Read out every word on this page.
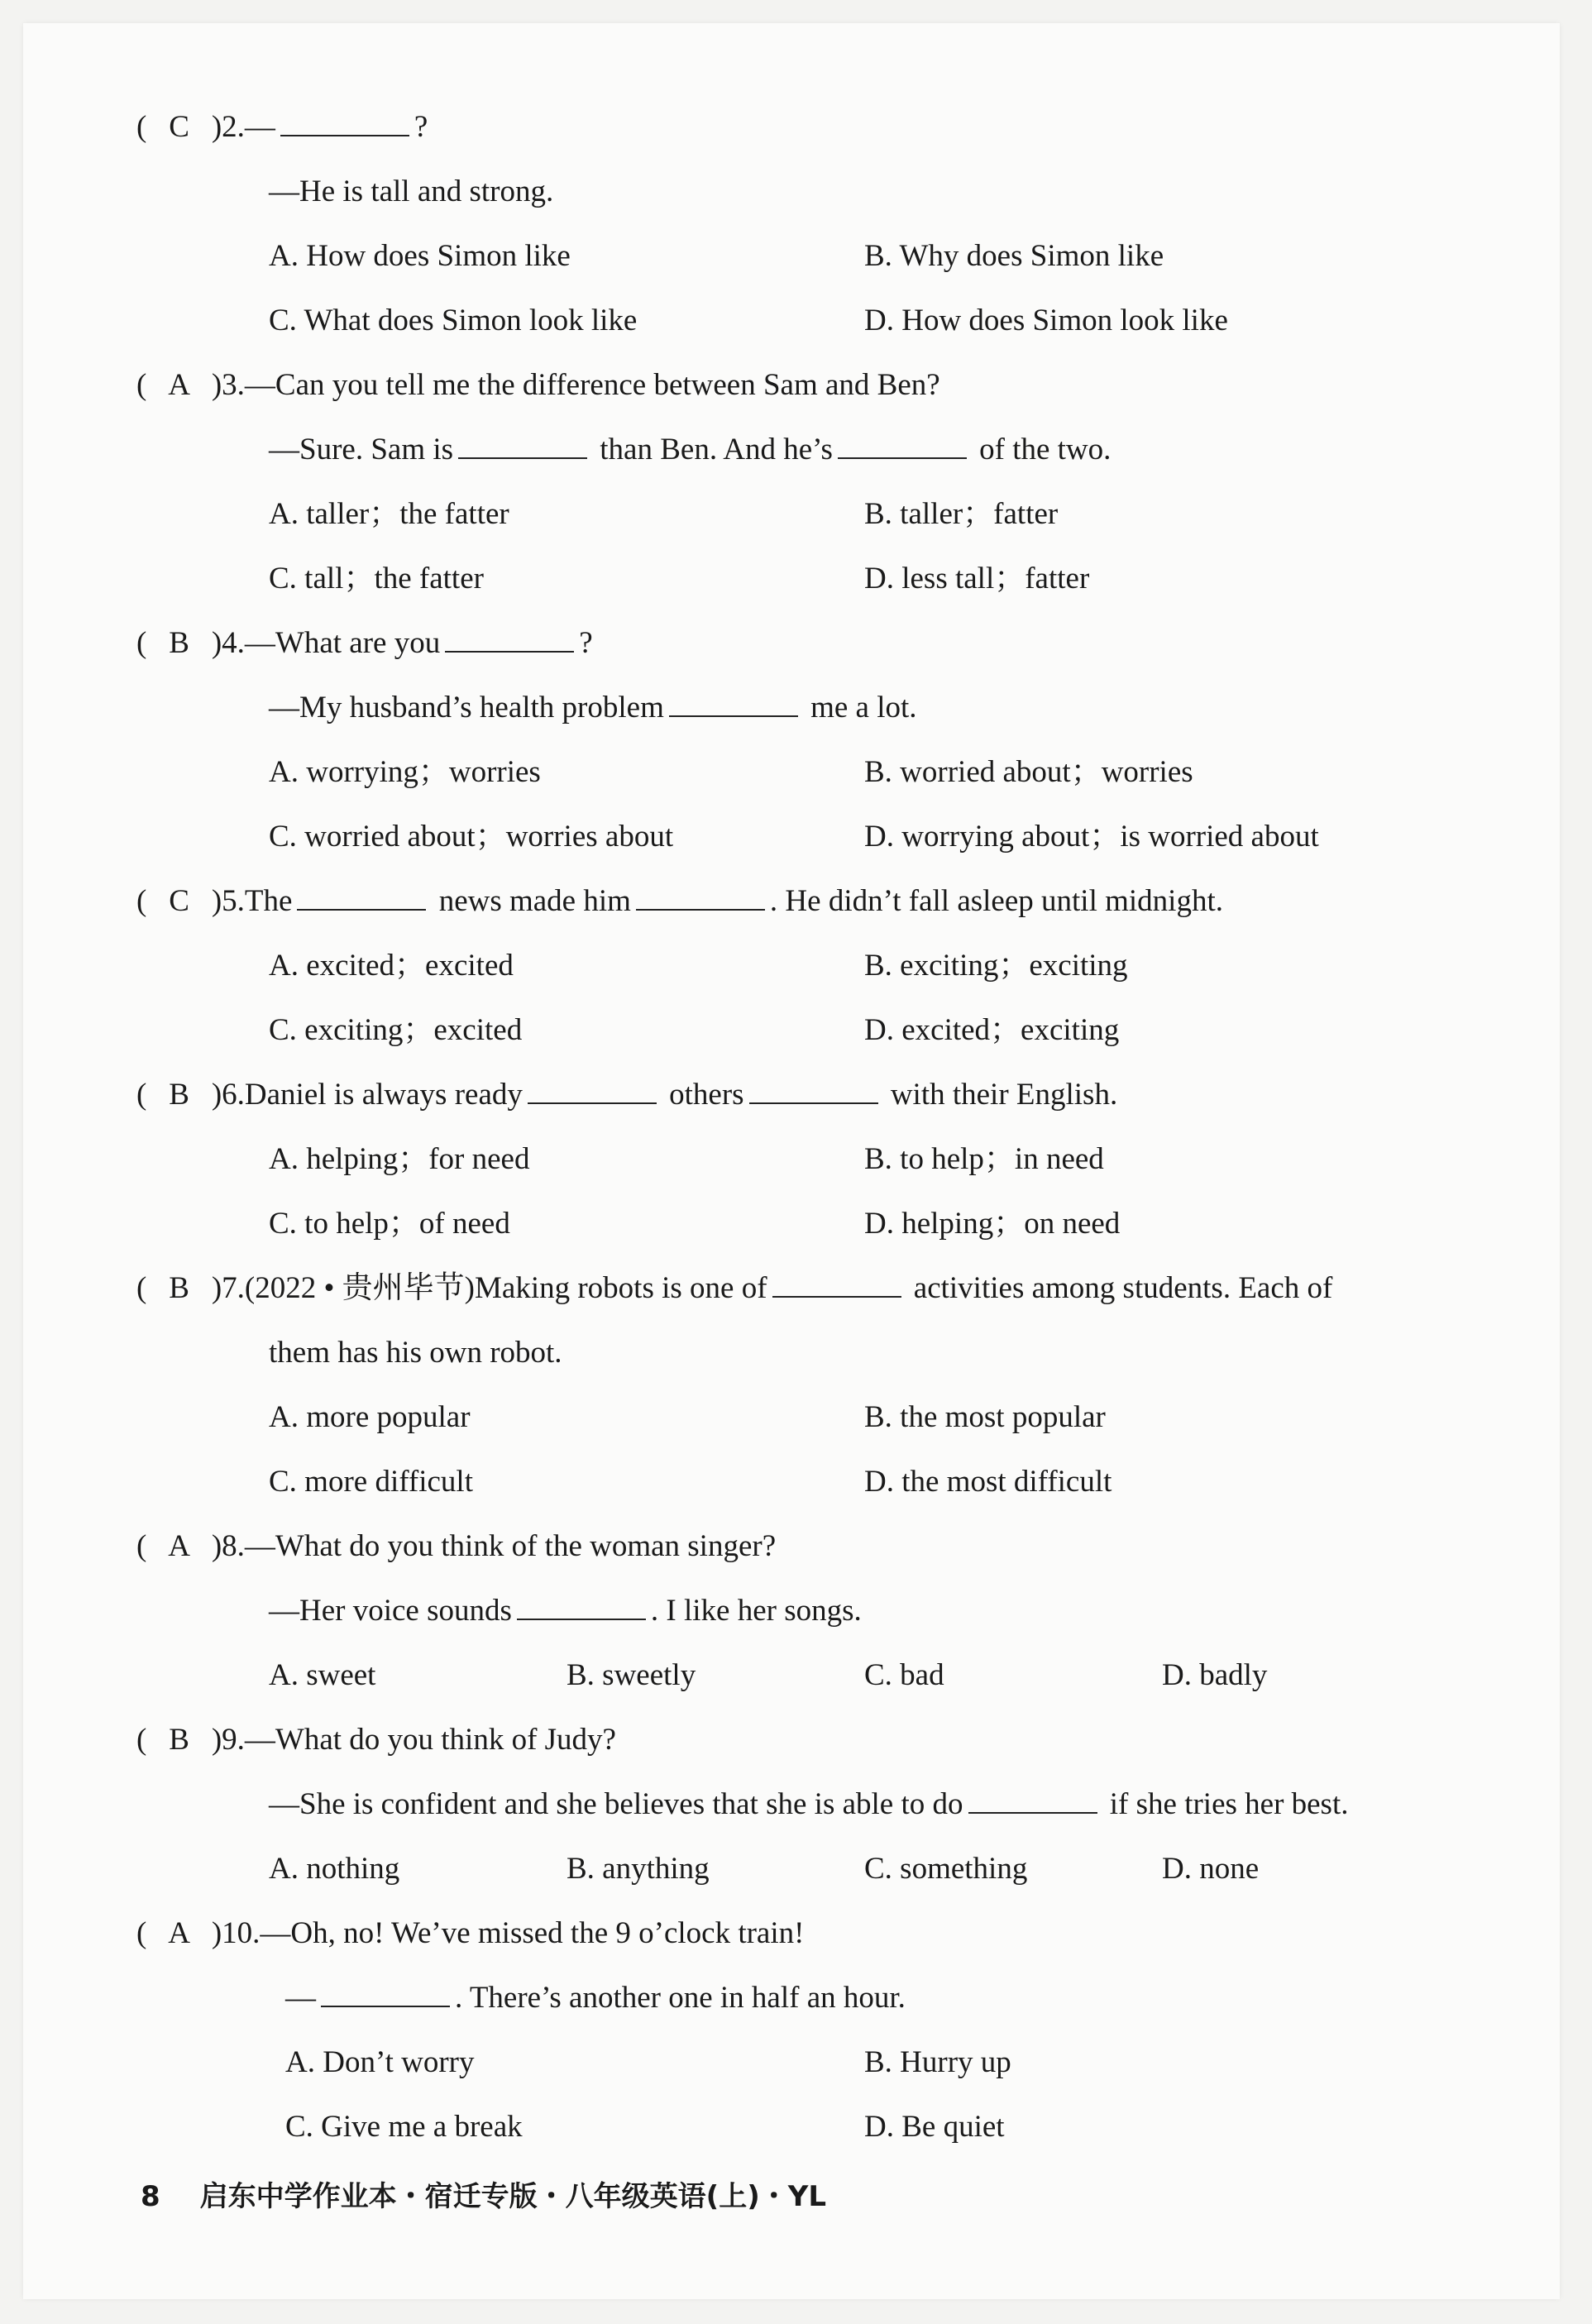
( C )2.—	?
—He is tall and strong.
A. How does Simon like	B. Why does Simon like
C. What does Simon look like	D. How does Simon look like
( A )3.—Can you tell me the difference between Sam and Ben?
—Sure. Sam is	than Ben. And he’s	of the two.
A. taller；the fatter	B. taller；fatter
C. tall；the fatter	D. less tall；fatter
( B )4.—What are you	?
—My husband’s health problem	me a lot.
A. worrying；worries	B. worried about；worries
C. worried about；worries about	D. worrying about；is worried about
( C )5.The	news made him	. He didn’t fall asleep until midnight.
A. excited；excited	B. exciting；exciting
C. exciting；excited	D. excited；exciting
( B )6.Daniel is always ready	others	with their English.
A. helping；for need	B. to help；in need
C. to help；of need	D. helping；on need
( B )7.(2022 • 贵州毕节)Making robots is one of	activities among students. Each of
them has his own robot.
A. more popular	B. the most popular
C. more difficult	D. the most difficult
( A )8.—What do you think of the woman singer?
—Her voice sounds	. I like her songs.
A. sweet	B. sweetly	C. bad	D. badly
( B )9.—What do you think of Judy?
—She is confident and she believes that she is able to do	if she tries her best.
A. nothing	B. anything	C. something	D. none
( A )10.—Oh, no! We’ve missed the 9 o’clock train!
—	. There’s another one in half an hour.
A. Don’t worry	B. Hurry up
C. Give me a break	D. Be quiet
8 启东中学作业本・宿迁专版・八年级英语(上)・YL
